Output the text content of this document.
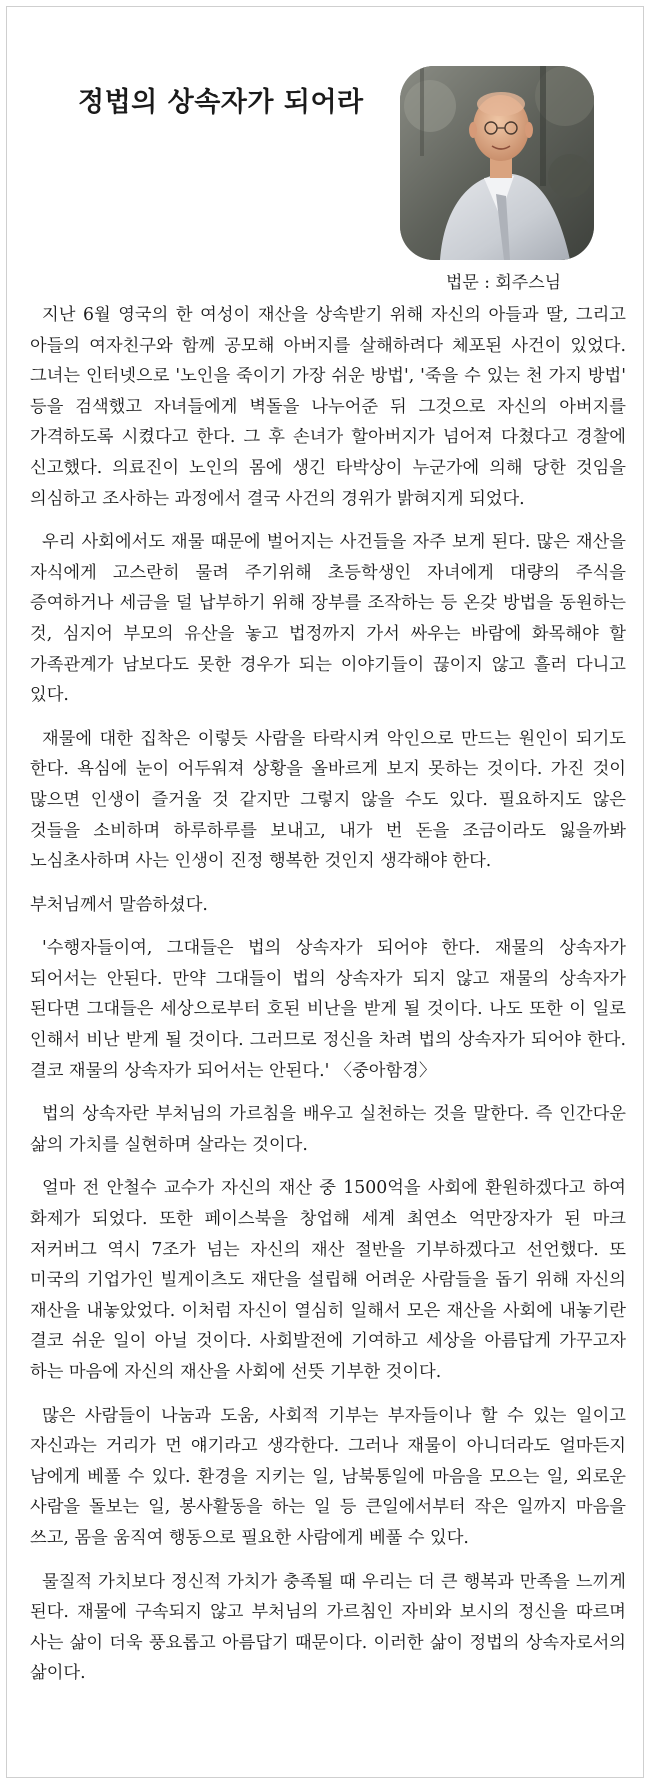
정법의 상속자가 되어라
법문 : 회주스님

지난 6월 영국의 한 여성이 재산을 상속받기 위해 자신의 아들과 딸, 그리고 아들의 여자친구와 함께 공모해 아버지를 살해하려다 체포된 사건이 있었다. 그녀는 인터넷으로 '노인을 죽이기 가장 쉬운 방법', '죽을 수 있는 천 가지 방법' 등을 검색했고 자녀들에게 벽돌을 나누어준 뒤 그것으로 자신의 아버지를 가격하도록 시켰다고 한다. 그 후 손녀가 할아버지가 넘어져 다쳤다고 경찰에 신고했다. 의료진이 노인의 몸에 생긴 타박상이 누군가에 의해 당한 것임을 의심하고 조사하는 과정에서 결국 사건의 경위가 밝혀지게 되었다.

우리 사회에서도 재물 때문에 벌어지는 사건들을 자주 보게 된다. 많은 재산을 자식에게 고스란히 물려 주기위해 초등학생인 자녀에게 대량의 주식을 증여하거나 세금을 덜 납부하기 위해 장부를 조작하는 등 온갖 방법을 동원하는 것, 심지어 부모의 유산을 놓고 법정까지 가서 싸우는 바람에 화목해야 할 가족관계가 남보다도 못한 경우가 되는 이야기들이 끊이지 않고 흘러 다니고 있다.

재물에 대한 집착은 이렇듯 사람을 타락시켜 악인으로 만드는 원인이 되기도 한다. 욕심에 눈이 어두워져 상황을 올바르게 보지 못하는 것이다. 가진 것이 많으면 인생이 즐거울 것 같지만 그렇지 않을 수도 있다. 필요하지도 않은 것들을 소비하며 하루하루를 보내고, 내가 번 돈을 조금이라도 잃을까봐 노심초사하며 사는 인생이 진정 행복한 것인지 생각해야 한다.

부처님께서 말씀하셨다.

'수행자들이여, 그대들은 법의 상속자가 되어야 한다. 재물의 상속자가 되어서는 안된다. 만약 그대들이 법의 상속자가 되지 않고 재물의 상속자가 된다면 그대들은 세상으로부터 호된 비난을 받게 될 것이다. 나도 또한 이 일로 인해서 비난 받게 될 것이다. 그러므로 정신을 차려 법의 상속자가 되어야 한다. 결코 재물의 상속자가 되어서는 안된다.' 〈중아함경〉

법의 상속자란 부처님의 가르침을 배우고 실천하는 것을 말한다. 즉 인간다운 삶의 가치를 실현하며 살라는 것이다.

얼마 전 안철수 교수가 자신의 재산 중 1500억을 사회에 환원하겠다고 하여 화제가 되었다. 또한 페이스북을 창업해 세계 최연소 억만장자가 된 마크 저커버그 역시 7조가 넘는 자신의 재산 절반을 기부하겠다고 선언했다. 또 미국의 기업가인 빌게이츠도 재단을 설립해 어려운 사람들을 돕기 위해 자신의 재산을 내놓았었다. 이처럼 자신이 열심히 일해서 모은 재산을 사회에 내놓기란 결코 쉬운 일이 아닐 것이다. 사회발전에 기여하고 세상을 아름답게 가꾸고자 하는 마음에 자신의 재산을 사회에 선뜻 기부한 것이다.

많은 사람들이 나눔과 도움, 사회적 기부는 부자들이나 할 수 있는 일이고 자신과는 거리가 먼 얘기라고 생각한다. 그러나 재물이 아니더라도 얼마든지 남에게 베풀 수 있다. 환경을 지키는 일, 남북통일에 마음을 모으는 일, 외로운 사람을 돌보는 일, 봉사활동을 하는 일 등 큰일에서부터 작은 일까지 마음을 쓰고, 몸을 움직여 행동으로 필요한 사람에게 베풀 수 있다.

물질적 가치보다 정신적 가치가 충족될 때 우리는 더 큰 행복과 만족을 느끼게 된다. 재물에 구속되지 않고 부처님의 가르침인 자비와 보시의 정신을 따르며 사는 삶이 더욱 풍요롭고 아름답기 때문이다. 이러한 삶이 정법의 상속자로서의 삶이다.
